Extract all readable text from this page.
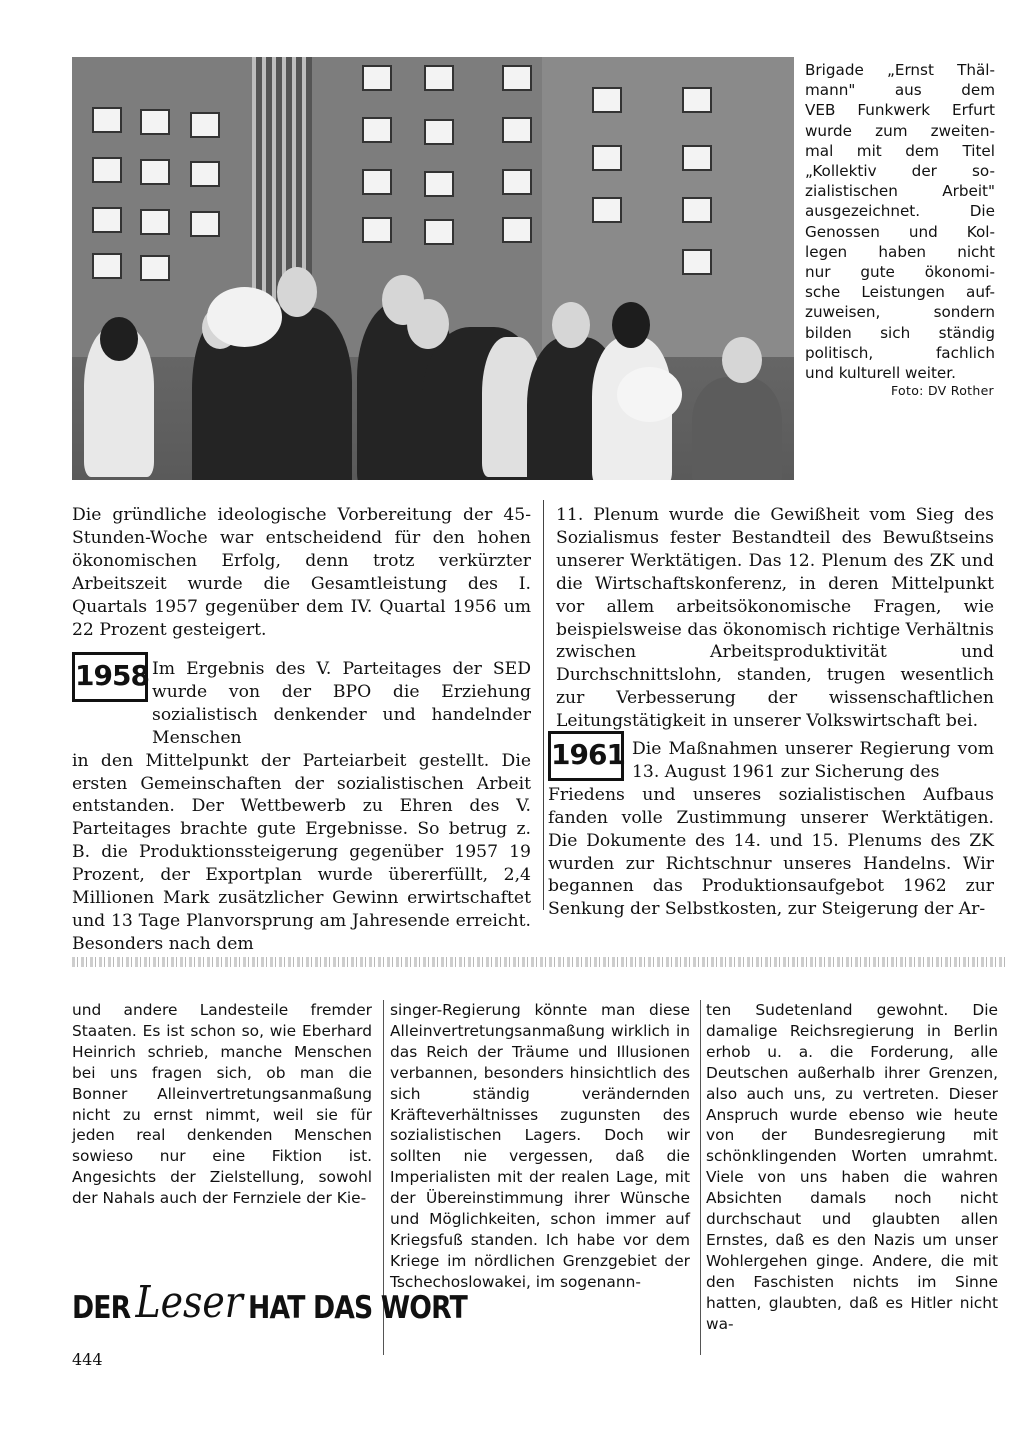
Brigade „Ernst Thäl-
mann" aus dem
VEB Funkwerk Erfurt
wurde zum zweiten-
mal mit dem Titel
„Kollektiv der so-
zialistischen Arbeit"
ausgezeichnet. Die
Genossen und Kol-
legen haben nicht
nur gute ökonomi-
sche Leistungen auf-
zuweisen, sondern
bilden sich ständig
politisch, fachlich
und kulturell weiter.

Foto: DV Rother

Die gründliche ideologische Vorbereitung der 45-Stunden-Woche war entscheidend für den hohen ökonomischen Erfolg, denn trotz verkürzter Arbeitszeit wurde die Gesamtleistung des I. Quartals 1957 gegenüber dem IV. Quartal 1956 um 22 Prozent gesteigert.

1958 Im Ergebnis des V. Parteitages der SED wurde von der BPO die Erziehung sozialistisch denkender und handelnder Menschen

in den Mittelpunkt der Parteiarbeit gestellt. Die ersten Gemeinschaften der sozialistischen Arbeit entstanden. Der Wettbewerb zu Ehren des V. Parteitages brachte gute Ergebnisse. So betrug z. B. die Produktionssteigerung gegenüber 1957 19 Prozent, der Exportplan wurde übererfüllt, 2,4 Millionen Mark zusätzlicher Gewinn erwirtschaftet und 13 Tage Planvorsprung am Jahresende erreicht. Besonders nach dem

11. Plenum wurde die Gewißheit vom Sieg des Sozialismus fester Bestandteil des Bewußtseins unserer Werktätigen. Das 12. Plenum des ZK und die Wirtschaftskonferenz, in deren Mittelpunkt vor allem arbeitsökonomische Fragen, wie beispielsweise das ökonomisch richtige Verhältnis zwischen Arbeitsproduktivität und Durchschnittslohn, standen, trugen wesentlich zur Verbesserung der wissenschaftlichen Leitungstätigkeit in unserer Volkswirtschaft bei.

1961 Die Maßnahmen unserer Regierung vom 13. August 1961 zur Sicherung des

Friedens und unseres sozialistischen Aufbaus fanden volle Zustimmung unserer Werktätigen. Die Dokumente des 14. und 15. Plenums des ZK wurden zur Richtschnur unseres Handelns. Wir begannen das Produktionsaufgebot 1962 zur Senkung der Selbstkosten, zur Steigerung der Ar-

und andere Landesteile fremder Staaten. Es ist schon so, wie Eberhard Heinrich schrieb, manche Menschen bei uns fragen sich, ob man die Bonner Alleinvertretungsanmaßung nicht zu ernst nimmt, weil sie für jeden real denkenden Menschen sowieso nur eine Fiktion ist. Angesichts der Zielstellung, sowohl der Nahals auch der Fernziele der Kie-

singer-Regierung könnte man diese Alleinvertretungsanmaßung wirklich in das Reich der Träume und Illusionen verbannen, besonders hinsichtlich des sich ständig verändernden Kräfteverhältnisses zugunsten des sozialistischen Lagers. Doch wir sollten nie vergessen, daß die Imperialisten mit der realen Lage, mit der Übereinstimmung ihrer Wünsche und Möglichkeiten, schon immer auf Kriegsfuß standen. Ich habe vor dem Kriege im nördlichen Grenzgebiet der Tschechoslowakei, im sogenann-

ten Sudetenland gewohnt. Die damalige Reichsregierung in Berlin erhob u. a. die Forderung, alle Deutschen außerhalb ihrer Grenzen, also auch uns, zu vertreten. Dieser Anspruch wurde ebenso wie heute von der Bundesregierung mit schönklingenden Worten umrahmt. Viele von uns haben die wahren Absichten damals noch nicht durchschaut und glaubten allen Ernstes, daß es den Nazis um unser Wohlergehen ginge. Andere, die mit den Faschisten nichts im Sinne hatten, glaubten, daß es Hitler nicht wa-

DER Leser HAT DAS WORT
444
